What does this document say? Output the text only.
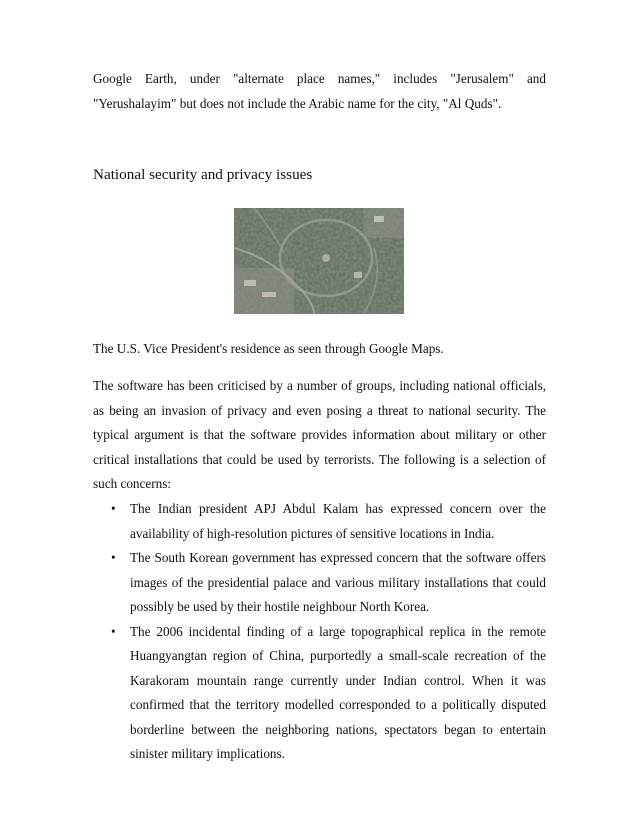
Google Earth, under "alternate place names," includes "Jerusalem" and "Yerushalayim" but does not include the Arabic name for the city, "Al Quds".

National security and privacy issues

The U.S. Vice President's residence as seen through Google Maps.

The software has been criticised by a number of groups, including national officials, as being an invasion of privacy and even posing a threat to national security. The typical argument is that the software provides information about military or other critical installations that could be used by terrorists. The following is a selection of such concerns:

• The Indian president APJ Abdul Kalam has expressed concern over the availability of high-resolution pictures of sensitive locations in India.
• The South Korean government has expressed concern that the software offers images of the presidential palace and various military installations that could possibly be used by their hostile neighbour North Korea.
• The 2006 incidental finding of a large topographical replica in the remote Huangyangtan region of China, purportedly a small-scale recreation of the Karakoram mountain range currently under Indian control. When it was confirmed that the territory modelled corresponded to a politically disputed borderline between the neighboring nations, spectators began to entertain sinister military implications.
